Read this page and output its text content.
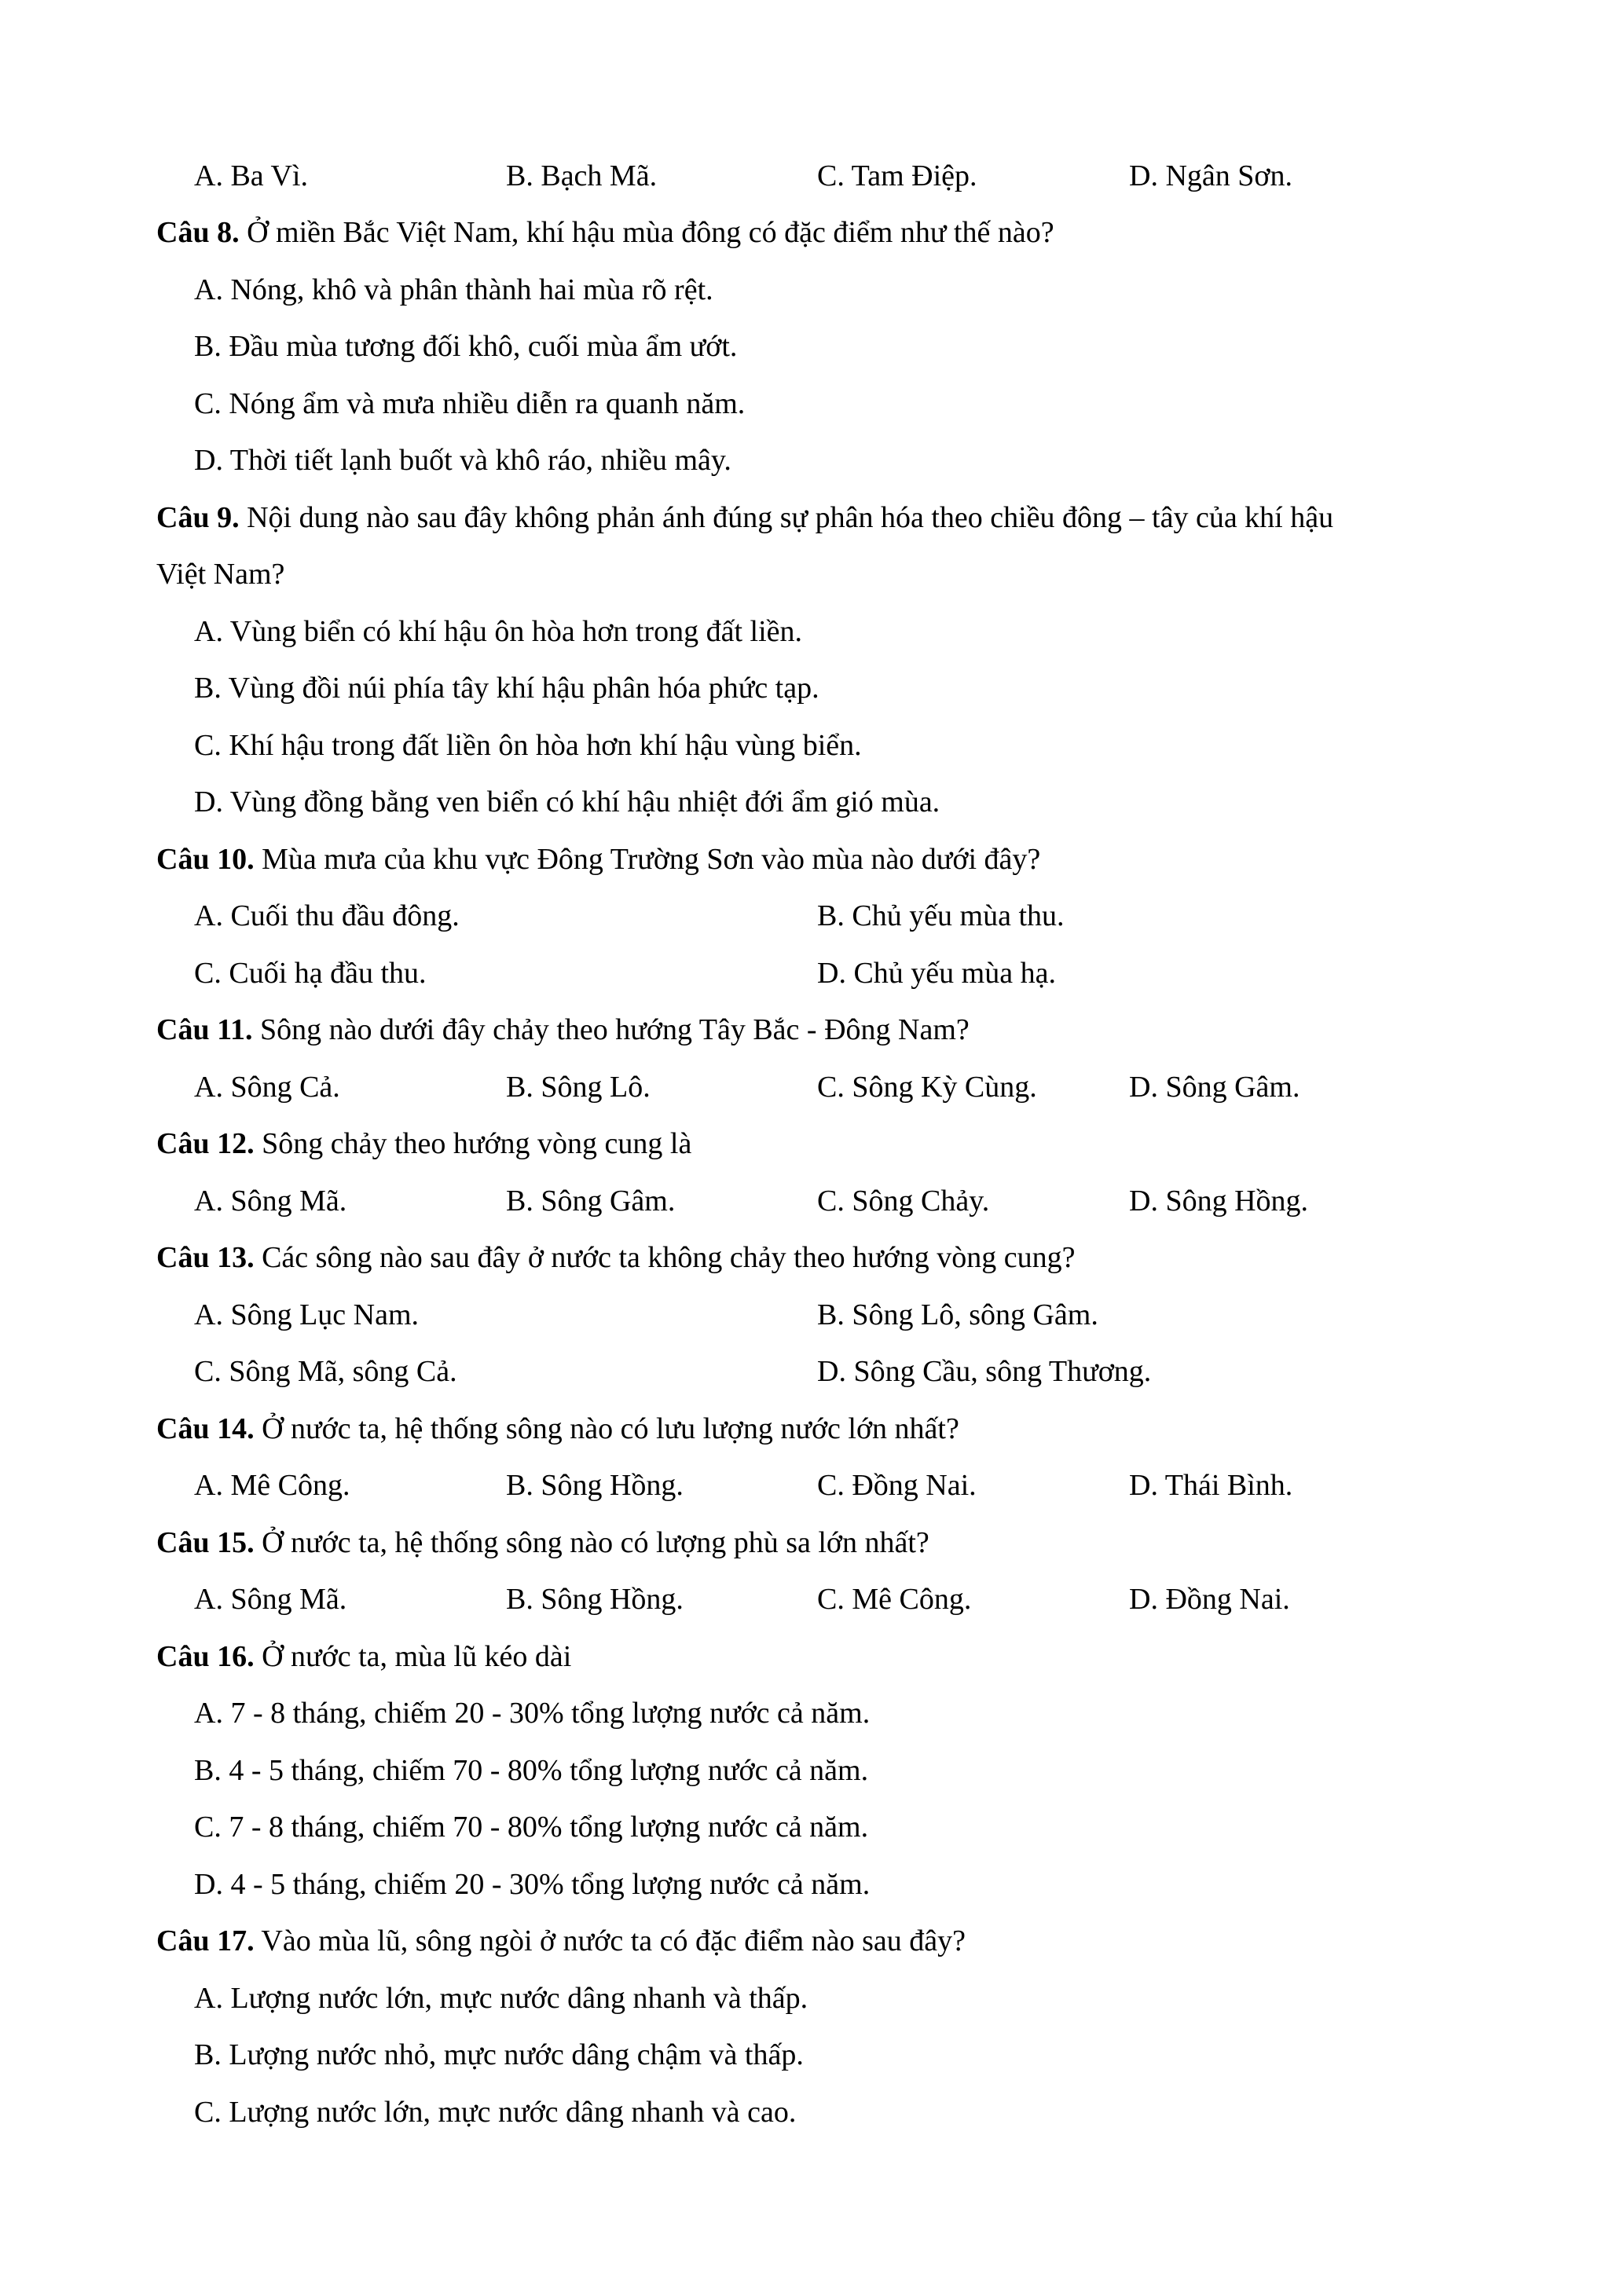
A. Ba Vì.	B. Bạch Mã.	C. Tam Điệp.	D. Ngân Sơn.
Câu 8. Ở miền Bắc Việt Nam, khí hậu mùa đông có đặc điểm như thế nào?
A. Nóng, khô và phân thành hai mùa rõ rệt.
B. Đầu mùa tương đối khô, cuối mùa ẩm ướt.
C. Nóng ẩm và mưa nhiều diễn ra quanh năm.
D. Thời tiết lạnh buốt và khô ráo, nhiều mây.
Câu 9. Nội dung nào sau đây không phản ánh đúng sự phân hóa theo chiều đông – tây của khí hậu
Việt Nam?
A. Vùng biển có khí hậu ôn hòa hơn trong đất liền.
B. Vùng đồi núi phía tây khí hậu phân hóa phức tạp.
C. Khí hậu trong đất liền ôn hòa hơn khí hậu vùng biển.
D. Vùng đồng bằng ven biển có khí hậu nhiệt đới ẩm gió mùa.
Câu 10. Mùa mưa của khu vực Đông Trường Sơn vào mùa nào dưới đây?
A. Cuối thu đầu đông.	B. Chủ yếu mùa thu.
C. Cuối hạ đầu thu.	D. Chủ yếu mùa hạ.
Câu 11. Sông nào dưới đây chảy theo hướng Tây Bắc - Đông Nam?
A. Sông Cả.	B. Sông Lô.	C. Sông Kỳ Cùng.	D. Sông Gâm.
Câu 12. Sông chảy theo hướng vòng cung là
A. Sông Mã.	B. Sông Gâm.	C. Sông Chảy.	D. Sông Hồng.
Câu 13. Các sông nào sau đây ở nước ta không chảy theo hướng vòng cung?
A. Sông Lục Nam.	B. Sông Lô, sông Gâm.
C. Sông Mã, sông Cả.	D. Sông Cầu, sông Thương.
Câu 14. Ở nước ta, hệ thống sông nào có lưu lượng nước lớn nhất?
A. Mê Công.	B. Sông Hồng.	C. Đồng Nai.	D. Thái Bình.
Câu 15. Ở nước ta, hệ thống sông nào có lượng phù sa lớn nhất?
A. Sông Mã.	B. Sông Hồng.	C. Mê Công.	D. Đồng Nai.
Câu 16. Ở nước ta, mùa lũ kéo dài
A. 7 - 8 tháng, chiếm 20 - 30% tổng lượng nước cả năm.
B. 4 - 5 tháng, chiếm 70 - 80% tổng lượng nước cả năm.
C. 7 - 8 tháng, chiếm 70 - 80% tổng lượng nước cả năm.
D. 4 - 5 tháng, chiếm 20 - 30% tổng lượng nước cả năm.
Câu 17. Vào mùa lũ, sông ngòi ở nước ta có đặc điểm nào sau đây?
A. Lượng nước lớn, mực nước dâng nhanh và thấp.
B. Lượng nước nhỏ, mực nước dâng chậm và thấp.
C. Lượng nước lớn, mực nước dâng nhanh và cao.
